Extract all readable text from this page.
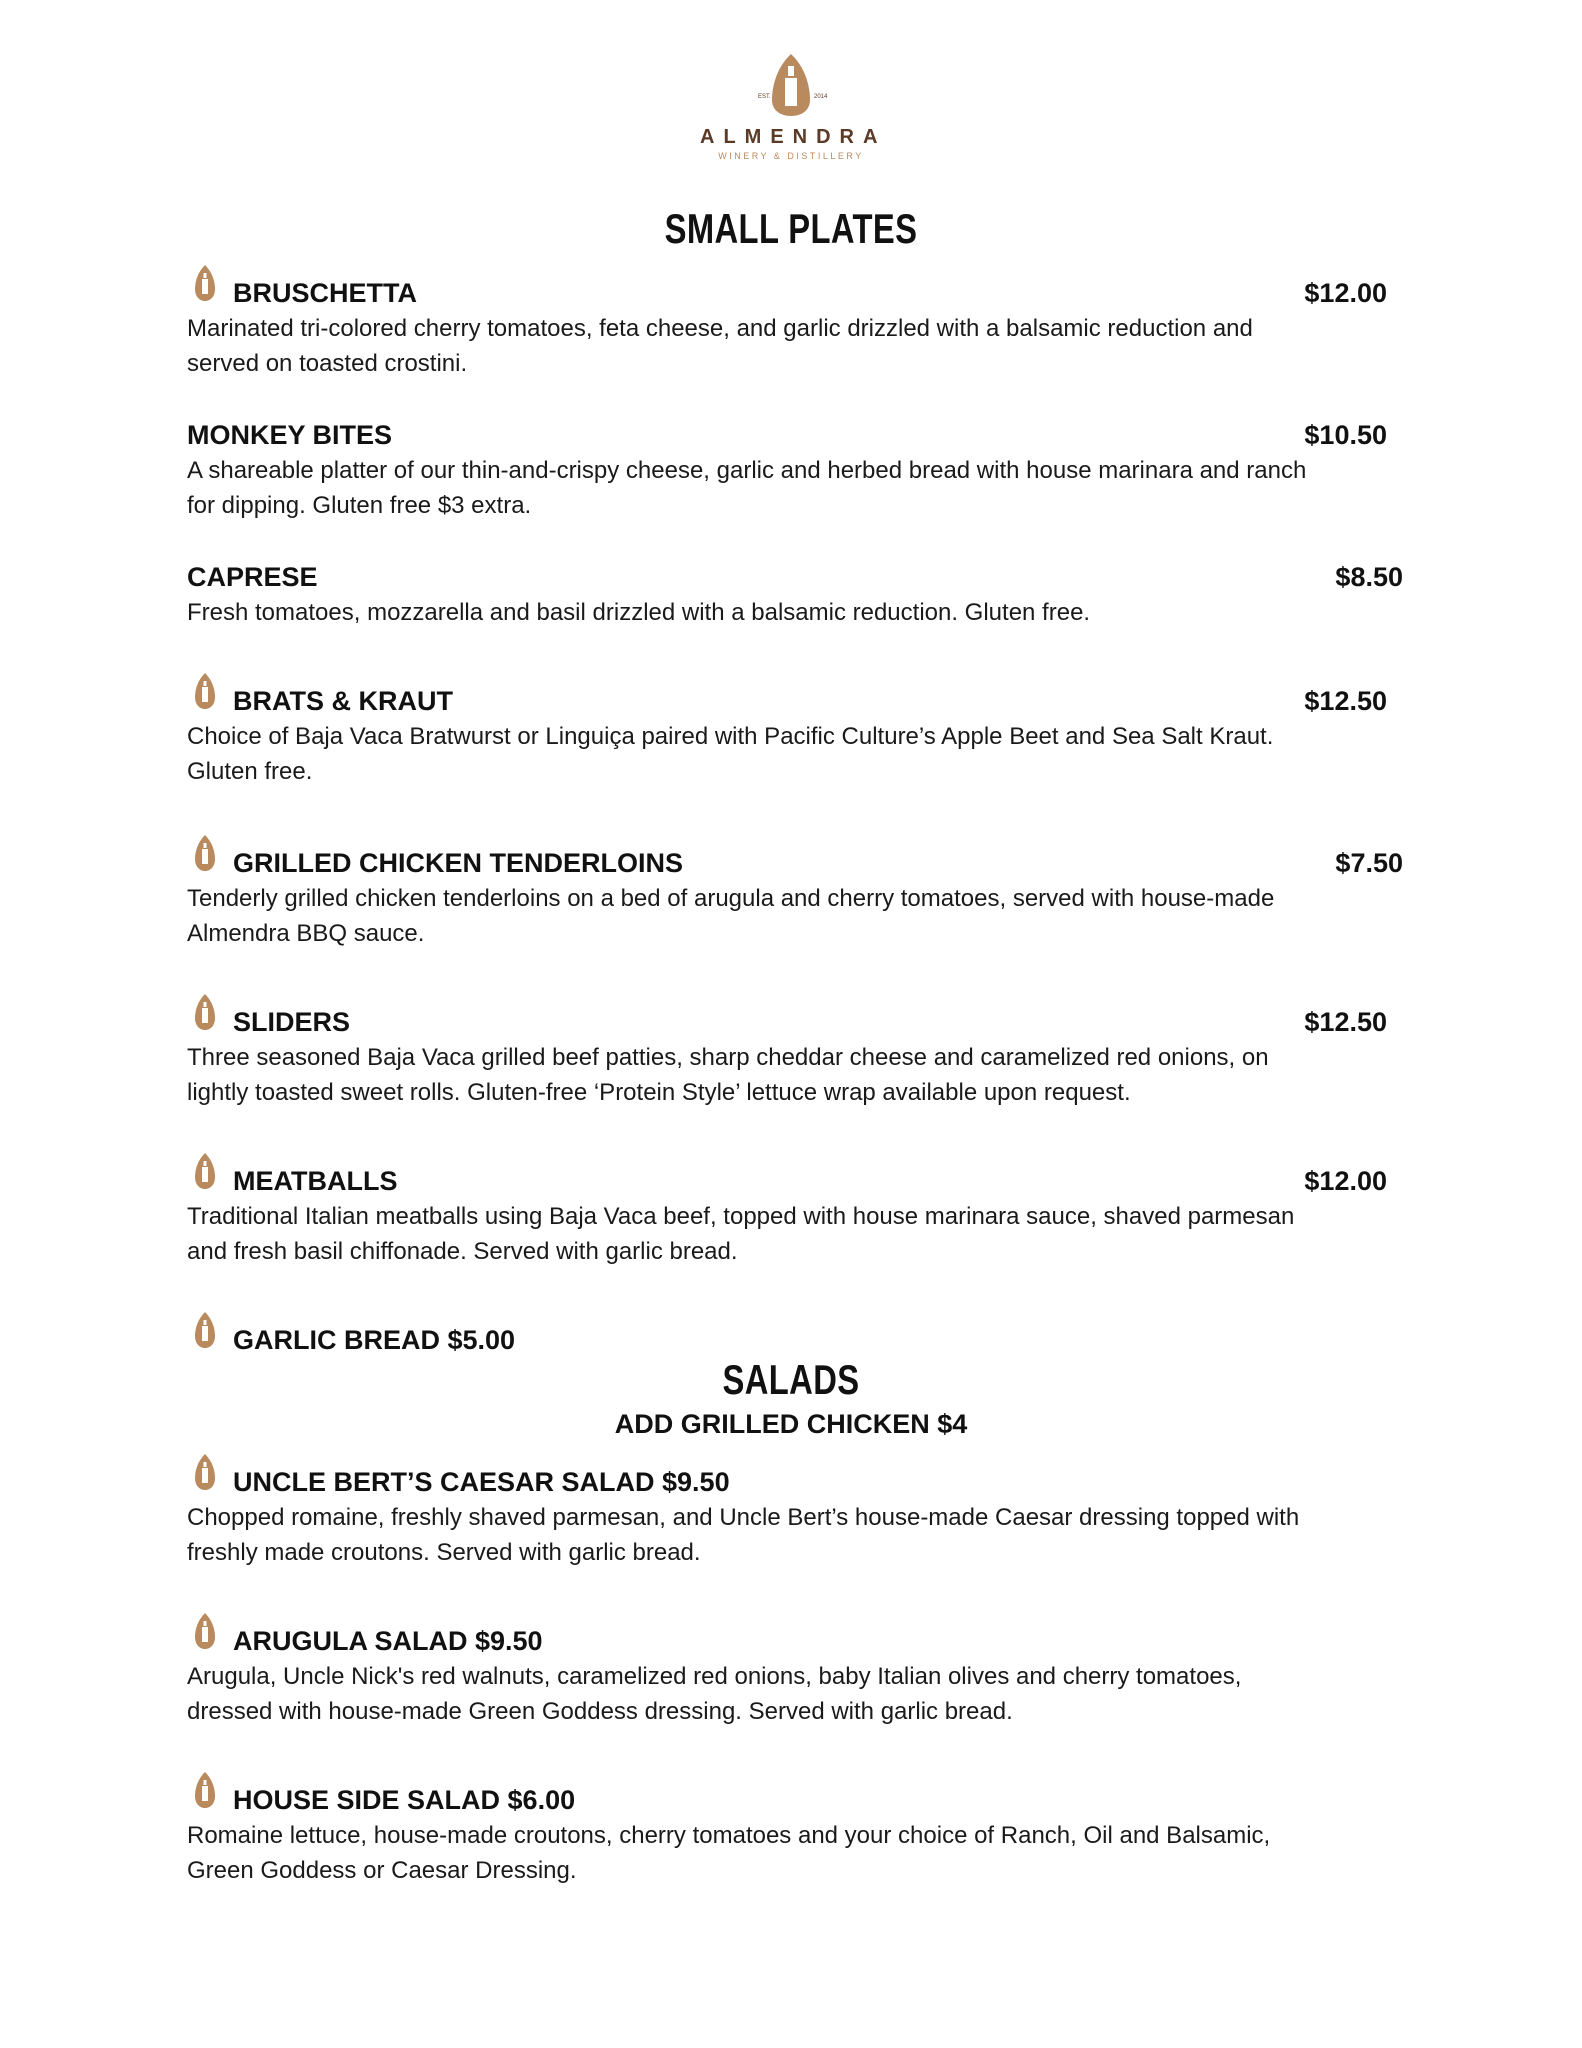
EST.	2014
ALMENDRA
WINERY & DISTILLERY
SMALL PLATES
BRUSCHETTA	$12.00
Marinated tri-colored cherry tomatoes, feta cheese, and garlic drizzled with a balsamic reduction and
served on toasted crostini.
MONKEY BITES	$10.50
A shareable platter of our thin-and-crispy cheese, garlic and herbed bread with house marinara and ranch
for dipping. Gluten free $3 extra.
CAPRESE	$8.50
Fresh tomatoes, mozzarella and basil drizzled with a balsamic reduction. Gluten free.
BRATS & KRAUT	$12.50
Choice of Baja Vaca Bratwurst or Linguiça paired with Pacific Culture’s Apple Beet and Sea Salt Kraut.
Gluten free.
GRILLED CHICKEN TENDERLOINS	$7.50
Tenderly grilled chicken tenderloins on a bed of arugula and cherry tomatoes, served with house-made
Almendra BBQ sauce.
SLIDERS	$12.50
Three seasoned Baja Vaca grilled beef patties, sharp cheddar cheese and caramelized red onions, on
lightly toasted sweet rolls. Gluten-free ‘Protein Style’ lettuce wrap available upon request.
MEATBALLS	$12.00
Traditional Italian meatballs using Baja Vaca beef, topped with house marinara sauce, shaved parmesan
and fresh basil chiffonade. Served with garlic bread.
GARLIC BREAD $5.00
SALADS
ADD GRILLED CHICKEN $4
UNCLE BERT’S CAESAR SALAD $9.50
Chopped romaine, freshly shaved parmesan, and Uncle Bert’s house-made Caesar dressing topped with
freshly made croutons. Served with garlic bread.
ARUGULA SALAD $9.50
Arugula, Uncle Nick's red walnuts, caramelized red onions, baby Italian olives and cherry tomatoes,
dressed with house-made Green Goddess dressing. Served with garlic bread.
HOUSE SIDE SALAD $6.00
Romaine lettuce, house-made croutons, cherry tomatoes and your choice of Ranch, Oil and Balsamic,
Green Goddess or Caesar Dressing.
